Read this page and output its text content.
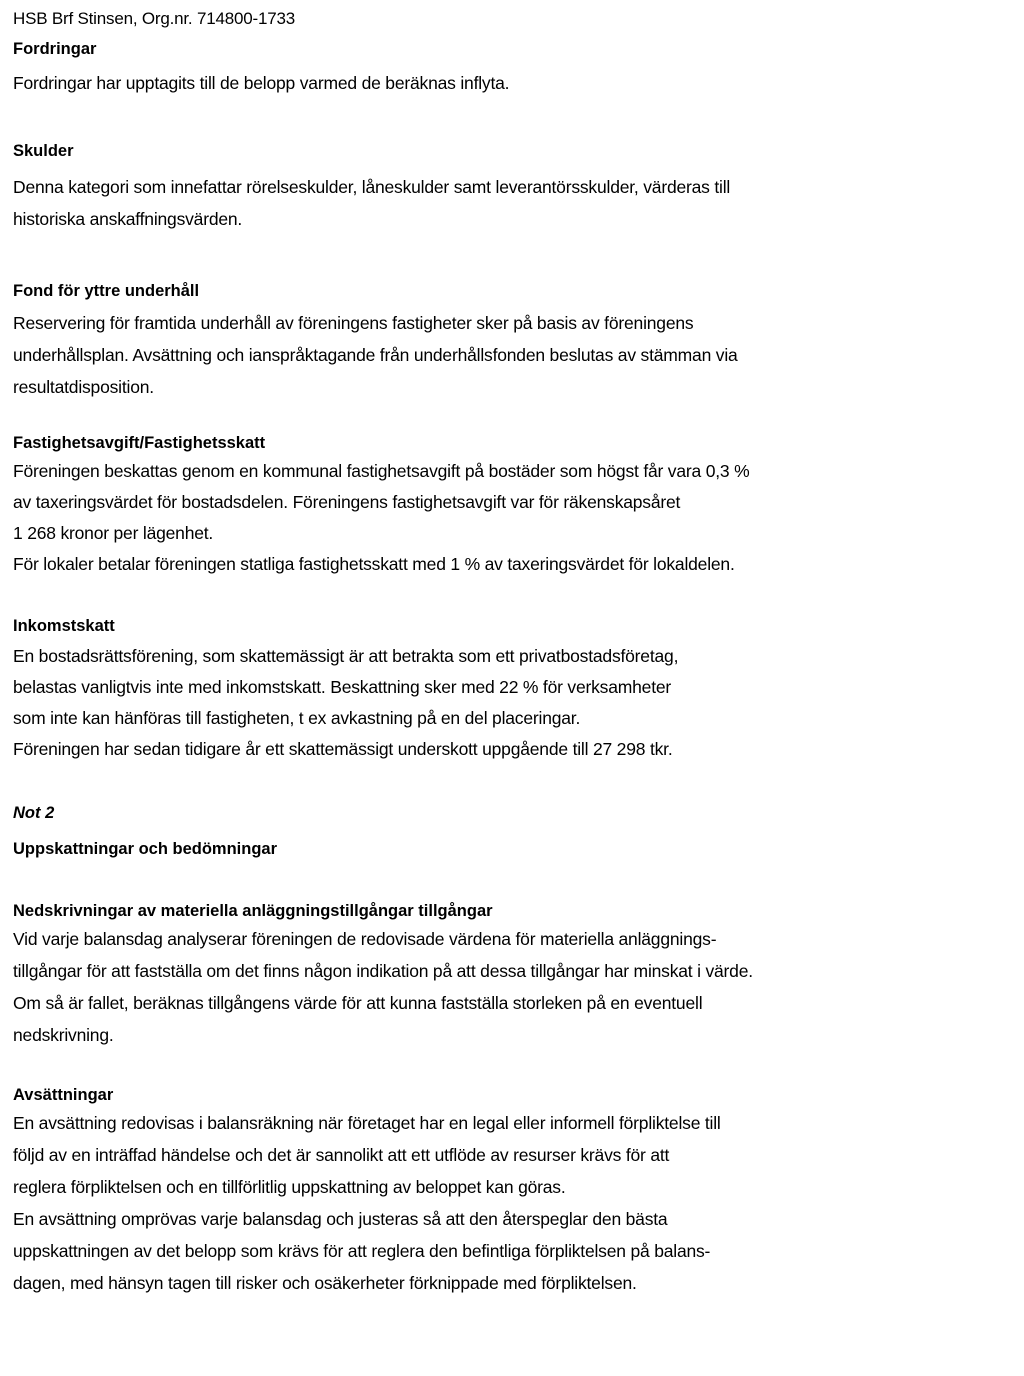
HSB Brf Stinsen, Org.nr. 714800-1733
Fordringar
Fordringar har upptagits till de belopp varmed de beräknas inflyta.
Skulder
Denna kategori som innefattar rörelseskulder, låneskulder samt leverantörsskulder, värderas till
historiska anskaffningsvärden.
Fond för yttre underhåll
Reservering för framtida underhåll av föreningens fastigheter sker på basis av föreningens
underhållsplan. Avsättning och ianspråktagande från underhållsfonden beslutas av stämman via
resultatdisposition.
Fastighetsavgift/Fastighetsskatt
Föreningen beskattas genom en kommunal fastighetsavgift på bostäder som högst får vara 0,3 %
av taxeringsvärdet för bostadsdelen. Föreningens fastighetsavgift var för räkenskapsåret
1 268 kronor per lägenhet.
För lokaler betalar föreningen statliga fastighetsskatt med 1 % av taxeringsvärdet för lokaldelen.
Inkomstskatt
En bostadsrättsförening, som skattemässigt är att betrakta som ett privatbostadsföretag,
belastas vanligtvis inte med inkomstskatt. Beskattning sker med 22 % för verksamheter
som inte kan hänföras till fastigheten, t ex avkastning på en del placeringar.
Föreningen har sedan tidigare år ett skattemässigt underskott uppgående till 27 298 tkr.
Not 2
Uppskattningar och bedömningar
Nedskrivningar av materiella anläggningstillgångar tillgångar
Vid varje balansdag analyserar föreningen de redovisade värdena för materiella anläggnings-
tillgångar för att fastställa om det finns någon indikation på att dessa tillgångar har minskat i värde.
Om så är fallet, beräknas tillgångens värde för att kunna fastställa storleken på en eventuell
nedskrivning.
Avsättningar
En avsättning redovisas i balansräkning när företaget har en legal eller informell förpliktelse till
följd av en inträffad händelse och det är sannolikt att ett utflöde av resurser krävs för att
reglera förpliktelsen och en tillförlitlig uppskattning av beloppet kan göras.
En avsättning omprövas varje balansdag och justeras så att den återspeglar den bästa
uppskattningen av det belopp som krävs för att reglera den befintliga förpliktelsen på balans-
dagen, med hänsyn tagen till risker och osäkerheter förknippade med förpliktelsen.
